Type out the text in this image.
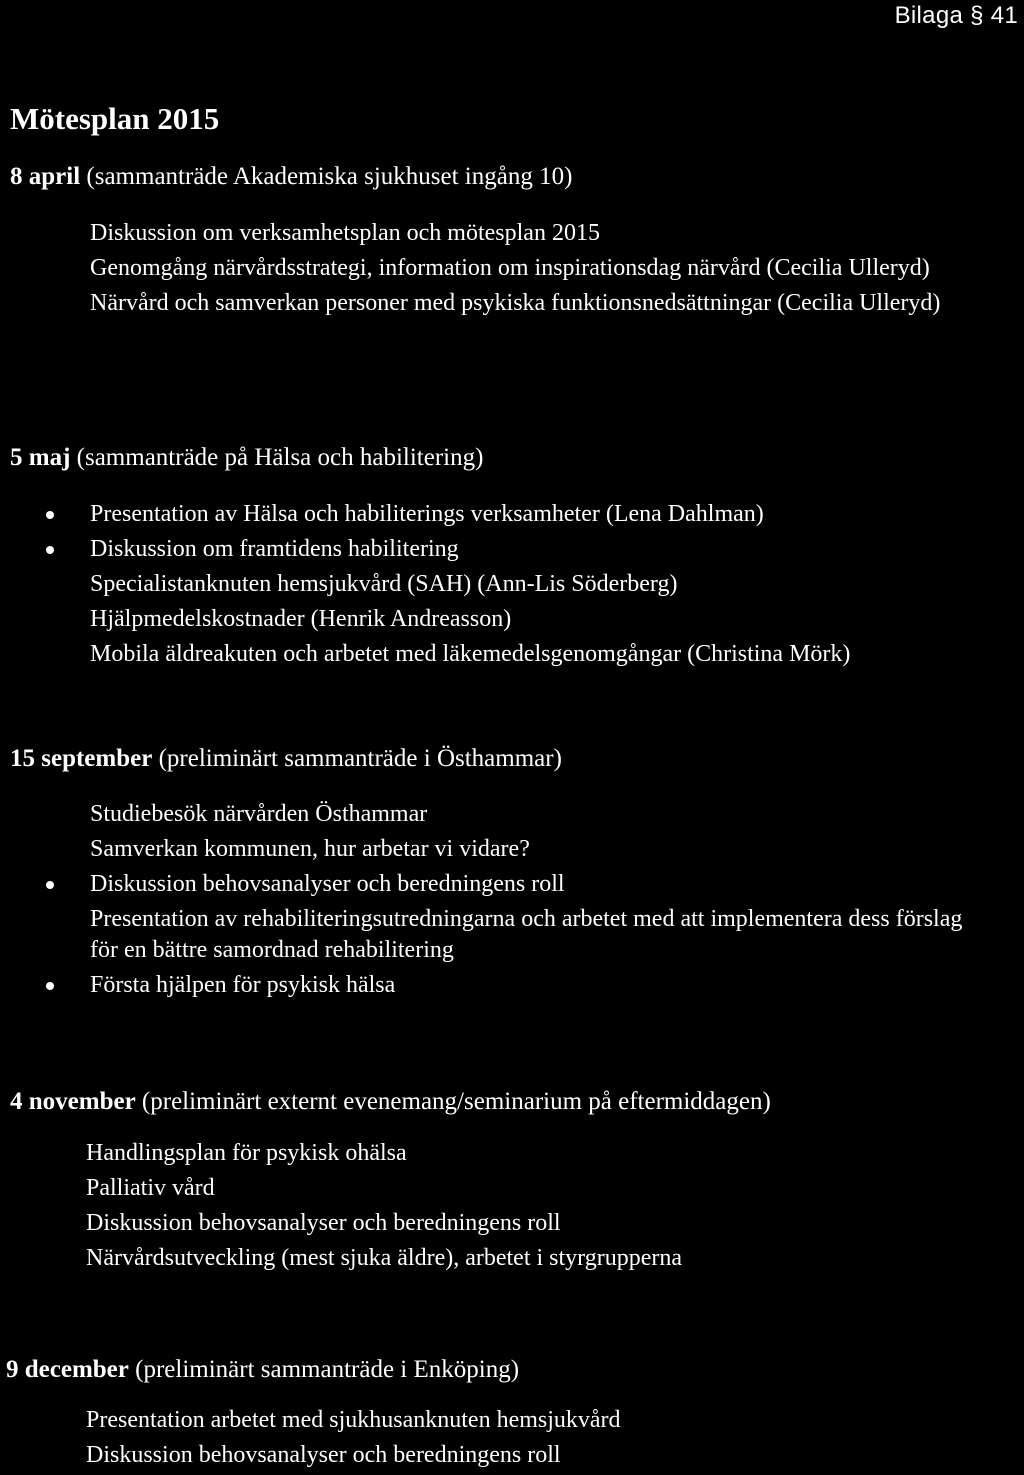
Bilaga § 41
Mötesplan 2015
8 april (sammanträde Akademiska sjukhuset ingång 10)
Diskussion om verksamhetsplan och mötesplan 2015
Genomgång närvårdsstrategi, information om inspirationsdag närvård (Cecilia Ulleryd)
Närvård och samverkan personer med psykiska funktionsnedsättningar (Cecilia Ulleryd)
5 maj (sammanträde på Hälsa och habilitering)
Presentation av Hälsa och habiliterings verksamheter (Lena Dahlman)
Diskussion om framtidens habilitering
Specialistanknuten hemsjukvård (SAH) (Ann-Lis Söderberg)
Hjälpmedelskostnader (Henrik Andreasson)
Mobila äldreakuten och arbetet med läkemedelsgenomgångar (Christina Mörk)
15 september (preliminärt sammanträde i Östhammar)
Studiebesök närvården Östhammar
Samverkan kommunen, hur arbetar vi vidare?
Diskussion behovsanalyser och beredningens roll
Presentation av rehabiliteringsutredningarna och arbetet med att implementera dess förslag för en bättre samordnad rehabilitering
Första hjälpen för psykisk hälsa
4 november (preliminärt externt evenemang/seminarium på eftermiddagen)
Handlingsplan för psykisk ohälsa
Palliativ vård
Diskussion behovsanalyser och beredningens roll
Närvårdsutveckling (mest sjuka äldre), arbetet i styrgrupperna
9 december (preliminärt sammanträde i Enköping)
Presentation arbetet med sjukhusanknuten hemsjukvård
Diskussion behovsanalyser och beredningens roll
